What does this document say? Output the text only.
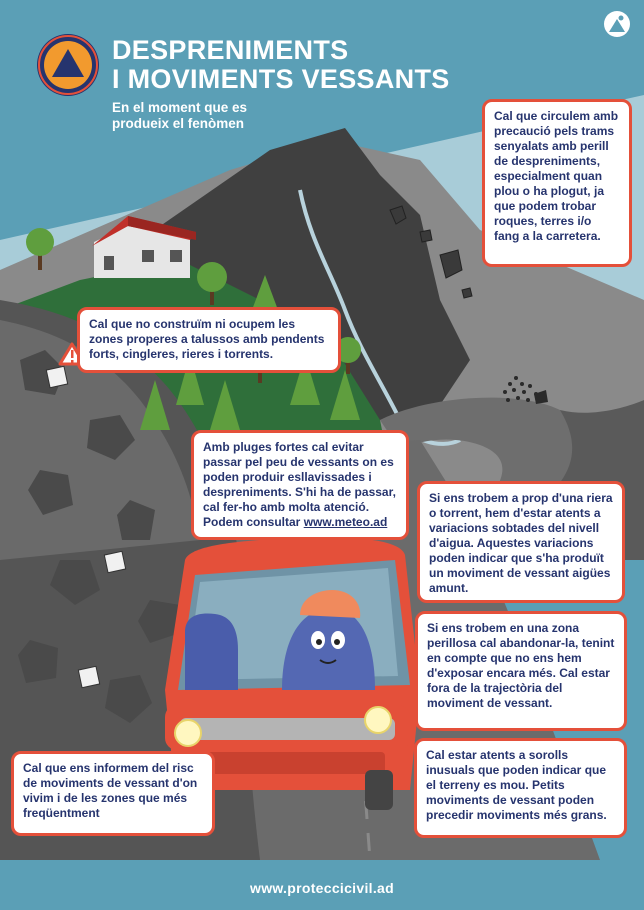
DESPRENIMENTS
I MOVIMENTS VESSANTS
En el moment que es
produeix el fenòmen	Cal que circulem amb precaució pels trams senyalats amb perill de despreniments, especialment quan plou o ha plogut, ja que podem trobar roques, terres i/o fang a la carretera.
Cal que no construïm ni ocupem les zones properes a talussos amb pendents forts, cingleres, rieres i torrents.
Amb pluges fortes cal evitar passar pel peu de vessants on es poden produir esllavissades i despreniments. S'hi ha de passar, cal fer-ho amb molta atenció. Podem consultar www.meteo.ad
Si ens trobem a prop d'una riera o torrent, hem d'estar atents a variacions sobtades del nivell d'aigua. Aquestes variacions poden indicar que s'ha produït un moviment de vessant aigües amunt.
Si ens trobem en una zona perillosa cal abandonar-la, tenint en compte que no ens hem d'exposar encara més. Cal estar fora de la trajectòria del moviment de vessant.
Cal estar atents a sorolls inusuals que poden indicar que el terreny es mou. Petits moviments de vessant poden precedir moviments més grans.
Cal que ens informem del risc de moviments de vessant d'on vivim i de les zones que més freqüentment
www.proteccicivil.ad
